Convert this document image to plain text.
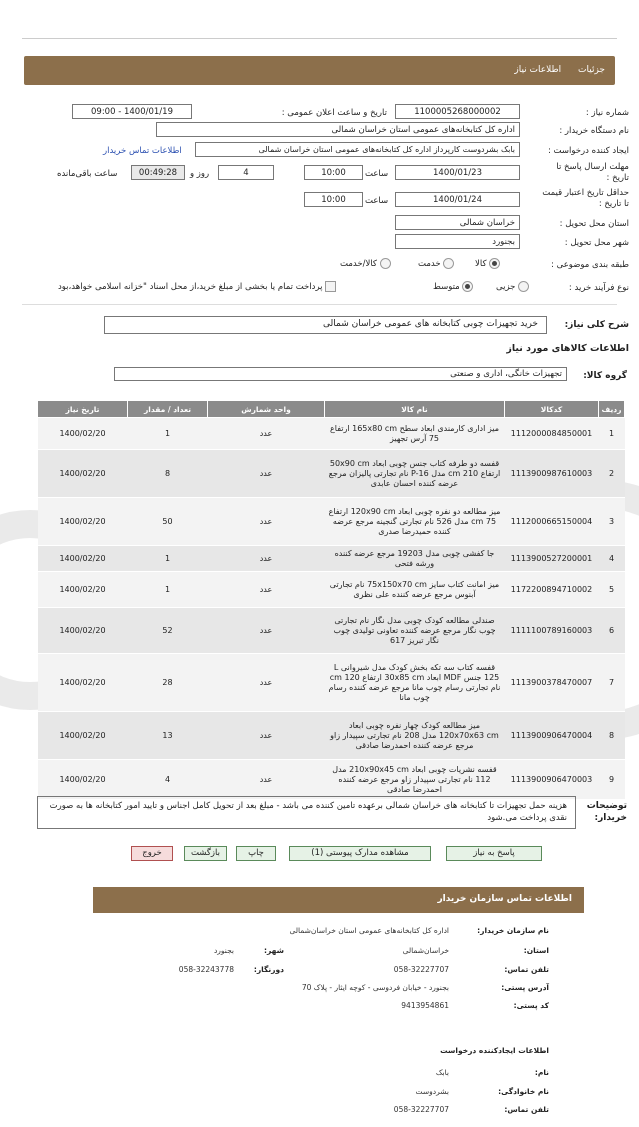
جزئیات اطلاعات نیاز
شماره نیاز :
1100005268000002
تاریخ و ساعت اعلان عمومی :
1400/01/19 - 09:00
نام دستگاه خریدار :
اداره کل کتابخانه‌های عمومی استان خراسان شمالی
ایجاد کننده درخواست :
بابک بشردوست کارپرداز اداره کل کتابخانه‌های عمومی استان خراسان شمالی
اطلاعات تماس خریدار
مهلت ارسال پاسخ تا تاریخ :
1400/01/23
ساعت
10:00
4
روز و
00:49:28
ساعت باقی‌مانده
حداقل تاریخ اعتبار قیمت تا تاریخ :
1400/01/24
ساعت
10:00
استان محل تحویل :
خراسان شمالی
شهر محل تحویل :
بجنورد
طبقه بندی موضوعی :
کالا
خدمت
کالا/خدمت
نوع فرآیند خرید :
جزیی
متوسط
پرداخت تمام یا بخشی از مبلغ خرید،از محل اسناد "خزانه اسلامی خواهد،بود
شرح کلی نیاز:
خرید تجهیزات چوبی کتابخانه های عمومی خراسان شمالی
اطلاعات کالاهای مورد نیاز
گروه کالا:
تجهیزات خانگی، اداری و صنعتی
ردیف	کدکالا	نام کالا	واحد شمارش	تعداد / مقدار	تاریخ نیاز
1	1112000084850001	میز اداری کارمندی ابعاد سطح 165x80 cm ارتفاع 75 آرس تجهیز	عدد	1	1400/02/20
2	1113900987610003	قفسه دو طرفه کتاب جنس چوبی ابعاد 50x90 cm ارتفاع 210 cm مدل P-16 نام تجارتی پالیزان مرجع عرضه کننده احسان عابدی	عدد	8	1400/02/20
3	1112000665150004	میز مطالعه دو نفره چوبی ابعاد 120x90 cm ارتفاع 75 cm مدل 526 نام تجارتی گنجینه مرجع عرضه کننده حمیدرضا صدری	عدد	50	1400/02/20
4	1113900527200001	جا کفشی چوبی مدل 19203 مرجع عرضه کننده ورشه فتحی	عدد	1	1400/02/20
5	1172200894710002	میز امانت کتاب سایز 75x150x70 cm نام تجارتی آبنوس مرجع عرضه کننده علی نظری	عدد	1	1400/02/20
6	1111100789160003	صندلی مطالعه کودک چوبی مدل نگار نام تجارتی چوب نگار مرجع عرضه کننده تعاونی تولیدی چوب نگار تبریز 617	عدد	52	1400/02/20
7	1113900378470007	قفسه کتاب سه تکه بخش کودک مدل شیروانی L 125 جنس MDF ابعاد 30x85 cm ارتفاع 120 cm نام تجارتی رسام چوب مانا مرجع عرضه کننده رسام چوب مانا	عدد	28	1400/02/20
8	1113900906470004	میز مطالعه کودک چهار نفره چوبی ابعاد 120x70x63 cm مدل 208 نام تجارتی سپیدار زاو مرجع عرضه کننده احمدرضا صادقی	عدد	13	1400/02/20
9	1113900906470003	قفسه نشریات چوبی ابعاد 210x90x45 cm مدل 112 نام تجارتی سپیدار زاو مرجع عرضه کننده احمدرضا صادقی	عدد	4	1400/02/20
توضیحات خریدار:
هزینه حمل تجهیزات تا کتابخانه های خراسان شمالی برعهده تامین کننده می باشد - مبلغ بعد از تحویل کامل اجناس و تایید امور کتابخانه ها به صورت نقدی پرداخت می.شود
پاسخ به نیاز
مشاهده مدارک پیوستی (1)
چاپ
بازگشت
خروج
اطلاعات تماس سازمان خریدار
نام سازمان خریدار:
اداره کل کتابخانه‌های عمومی استان خراسان‌شمالی
استان:
خراسان‌شمالی
شهر:
بجنورد
تلفن تماس:
058-32227707
دورنگار:
058-32243778
آدرس پستی:
بجنورد - خیابان فردوسی - کوچه ایثار - پلاک 70
کد پستی:
9413954861
اطلاعات ایجادکننده درخواست
نام:
بابک
نام خانوادگی:
بشردوست
تلفن تماس:
058-32227707
